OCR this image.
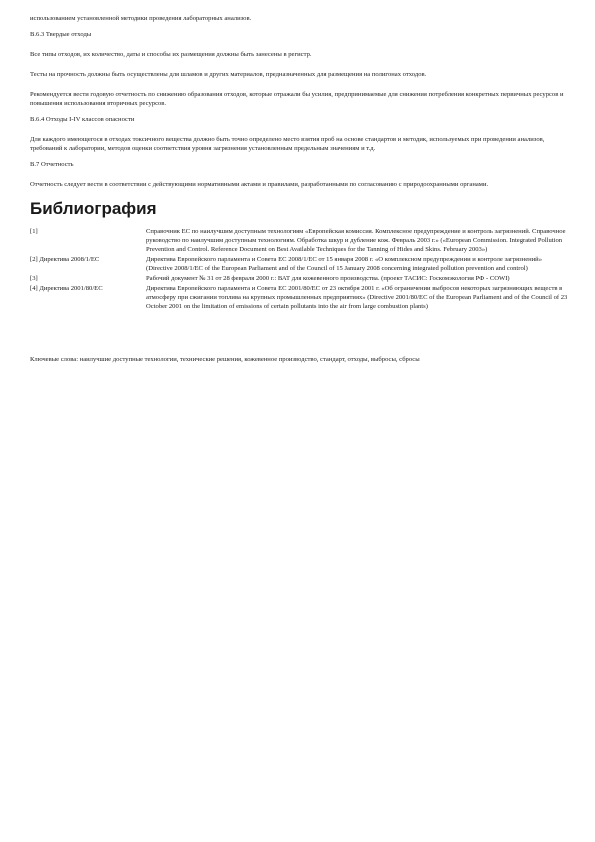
использованием установленной методики проведения лабораторных анализов.

В.6.3 Твердые отходы

Все типы отходов, их количество, даты и способы их размещения должны быть занесены в регистр.

Тесты на прочность должны быть осуществлены для шламов и других материалов, предназначенных для размещения на полигонах отходов.

Рекомендуется вести годовую отчетность по снижению образования отходов, которые отражали бы усилия, предпринимаемые для снижения потребления конкретных первичных ресурсов и повышения использования вторичных ресурсов.

В.6.4 Отходы I-IV классов опасности

Для каждого имеющегося в отходах токсичного вещества должно быть точно определено место взятия проб на основе стандартов и методик, используемых при проведении анализов, требований к лаборатории, методов оценки соответствия уровня загрязнения установленным предельным значениям и т.д.

В.7 Отчетность

Отчетность следует вести в соответствии с действующими нормативными актами и правилами, разработанными по согласованию с природоохранными органами.

Библиография
[1]	Справочник ЕС по наилучшим доступным технологиям «Европейская комиссия. Комплексное предупреждение и контроль загрязнений. Справочное руководство по наилучшим доступным технологиям. Обработка шкур и дубление кож. Февраль 2003 г.» («European Commission. Integrated Pollution Prevention and Control. Reference Document on Best Available Techniques for the Tanning of Hides and Skins. February 2003»)
[2] Директива 2008/1/ЕС	Директива Европейского парламента и Совета ЕС 2008/1/ЕС от 15 января 2008 г. «О комплексном предупреждении и контроле загрязнений» (Directive 2008/1/EC of the European Parliament and of the Council of 15 January 2008 concerning integrated pollution prevention and control)
[3]	Рабочий документ № 31 от 28 февраля 2000 г.: ВАТ для кожевенного производства. (проект ТАСИС: Госкомэкология РФ - COWI)
[4] Директива 2001/80/ЕС	Директива Европейского парламента и Совета ЕС 2001/80/ЕС от 23 октября 2001 г. «Об ограничении выбросов некоторых загрязняющих веществ в атмосферу при сжигании топлива на крупных промышленных предприятиях» (Directive 2001/80/EC of the European Parliament and of the Council of 23 October 2001 on the limitation of emissions of certain pollutants into the air from large combustion plants)

Ключевые слова: наилучшие доступные технологии, технические решения, кожевенное производство, стандарт, отходы, выбросы, сбросы
